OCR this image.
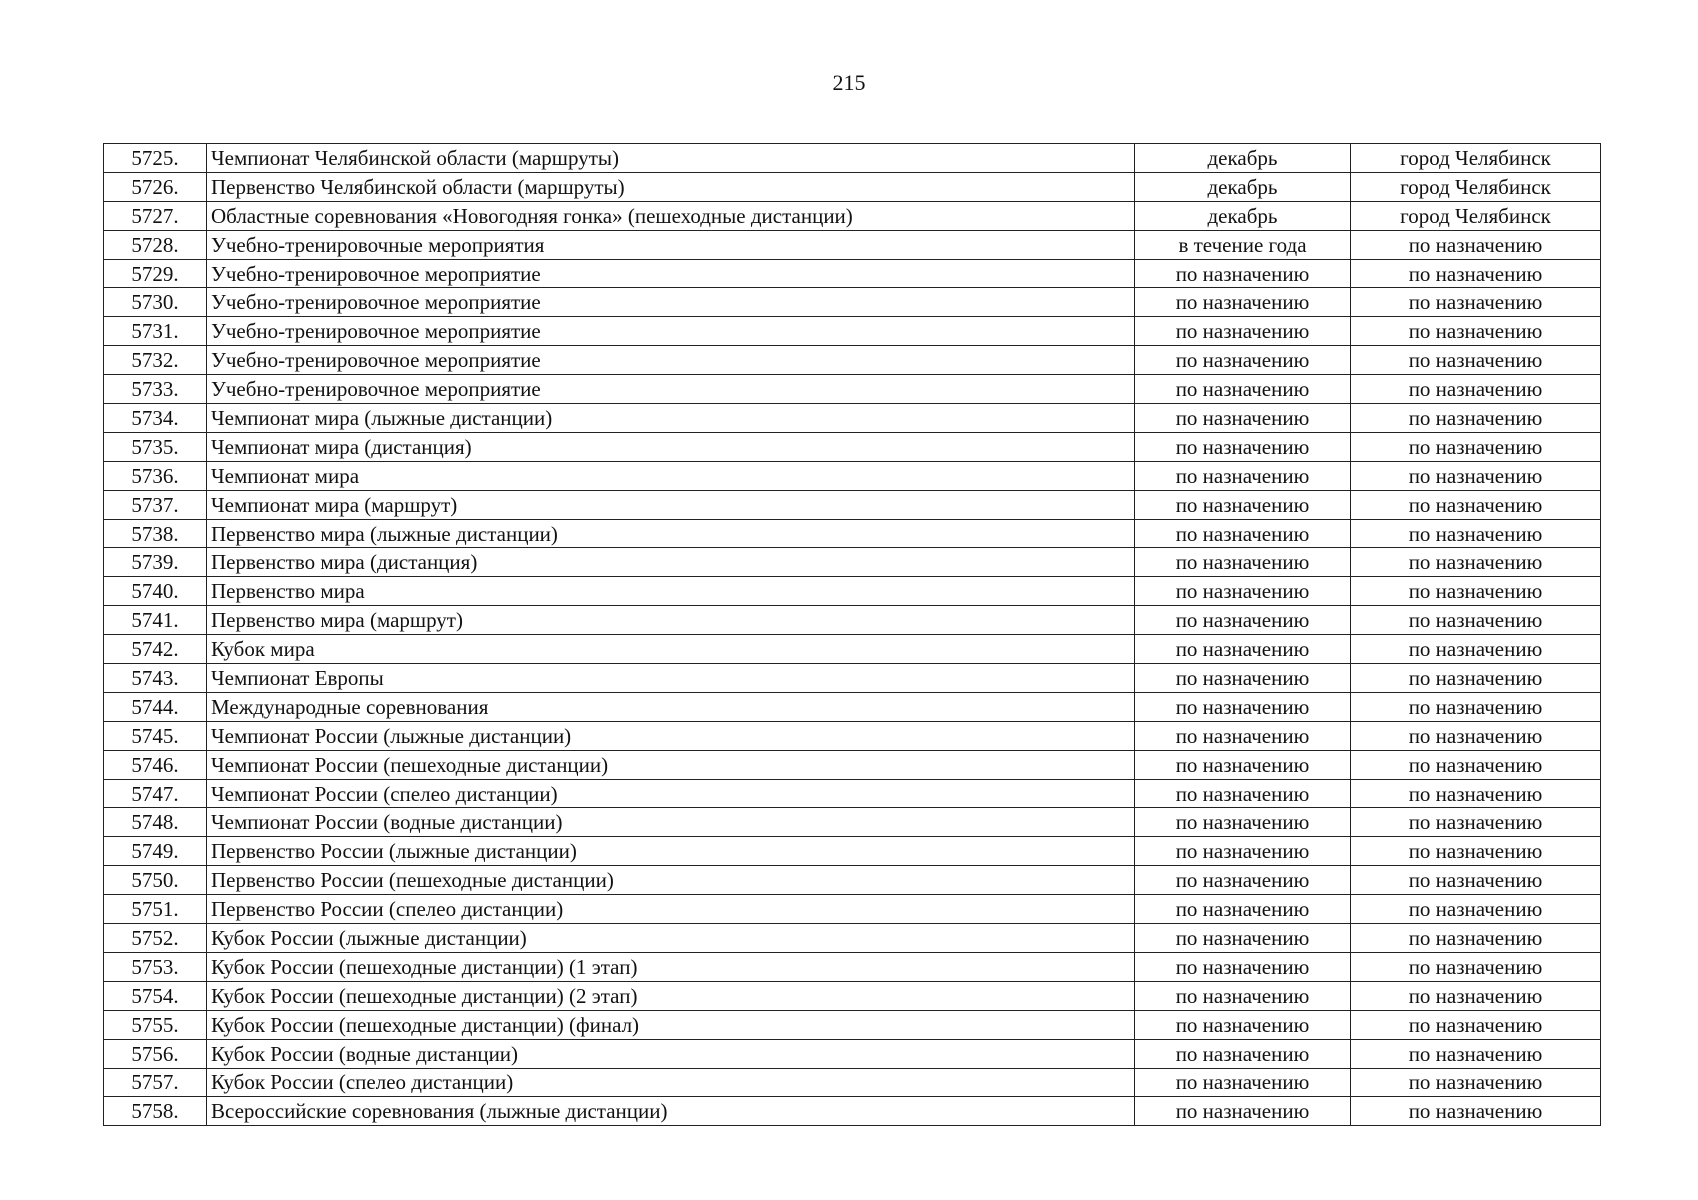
215
5725.	Чемпионат Челябинской области (маршруты)	декабрь	город Челябинск
5726.	Первенство Челябинской области (маршруты)	декабрь	город Челябинск
5727.	Областные соревнования «Новогодняя гонка» (пешеходные дистанции)	декабрь	город Челябинск
5728.	Учебно-тренировочные мероприятия	в течение года	по назначению
5729.	Учебно-тренировочное мероприятие	по назначению	по назначению
5730.	Учебно-тренировочное мероприятие	по назначению	по назначению
5731.	Учебно-тренировочное мероприятие	по назначению	по назначению
5732.	Учебно-тренировочное мероприятие	по назначению	по назначению
5733.	Учебно-тренировочное мероприятие	по назначению	по назначению
5734.	Чемпионат мира (лыжные дистанции)	по назначению	по назначению
5735.	Чемпионат мира (дистанция)	по назначению	по назначению
5736.	Чемпионат мира	по назначению	по назначению
5737.	Чемпионат мира (маршрут)	по назначению	по назначению
5738.	Первенство мира (лыжные дистанции)	по назначению	по назначению
5739.	Первенство мира (дистанция)	по назначению	по назначению
5740.	Первенство мира	по назначению	по назначению
5741.	Первенство мира (маршрут)	по назначению	по назначению
5742.	Кубок мира	по назначению	по назначению
5743.	Чемпионат Европы	по назначению	по назначению
5744.	Международные соревнования	по назначению	по назначению
5745.	Чемпионат России (лыжные дистанции)	по назначению	по назначению
5746.	Чемпионат России (пешеходные дистанции)	по назначению	по назначению
5747.	Чемпионат России (спелео дистанции)	по назначению	по назначению
5748.	Чемпионат России (водные дистанции)	по назначению	по назначению
5749.	Первенство России (лыжные дистанции)	по назначению	по назначению
5750.	Первенство России (пешеходные дистанции)	по назначению	по назначению
5751.	Первенство России (спелео дистанции)	по назначению	по назначению
5752.	Кубок России (лыжные дистанции)	по назначению	по назначению
5753.	Кубок России (пешеходные дистанции) (1 этап)	по назначению	по назначению
5754.	Кубок России (пешеходные дистанции) (2 этап)	по назначению	по назначению
5755.	Кубок России (пешеходные дистанции) (финал)	по назначению	по назначению
5756.	Кубок России (водные дистанции)	по назначению	по назначению
5757.	Кубок России (спелео дистанции)	по назначению	по назначению
5758.	Всероссийские соревнования (лыжные дистанции)	по назначению	по назначению
